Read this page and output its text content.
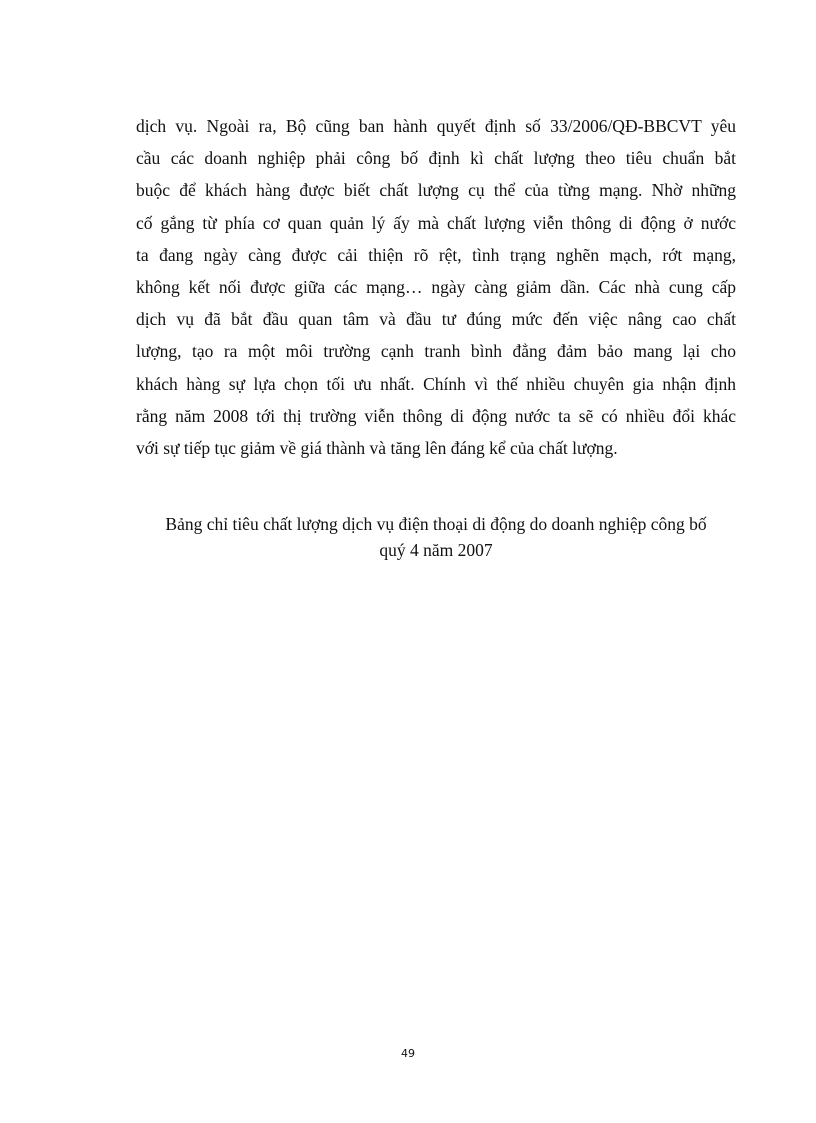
dịch vụ. Ngoài ra, Bộ cũng ban hành quyết định số 33/2006/QĐ-BBCVT yêu
cầu các doanh nghiệp phải công bố định kì chất lượng theo tiêu chuẩn bắt
buộc để khách hàng được biết chất lượng cụ thể của từng mạng. Nhờ những
cố gắng từ phía cơ quan quản lý ấy mà chất lượng viễn thông di động ở nước
ta đang ngày càng được cải thiện rõ rệt, tình trạng nghẽn mạch, rớt mạng,
không kết nối được giữa các mạng… ngày càng giảm dần. Các nhà cung cấp
dịch vụ đã bắt đầu quan tâm và đầu tư đúng mức đến việc nâng cao chất
lượng, tạo ra một môi trường cạnh tranh bình đẳng đảm bảo mang lại cho
khách hàng sự lựa chọn tối ưu nhất. Chính vì thế nhiều chuyên gia nhận định
rằng năm 2008 tới thị trường viễn thông di động nước ta sẽ có nhiều đổi khác
với sự tiếp tục giảm về giá thành và tăng lên đáng kể của chất lượng.

Bảng chỉ tiêu chất lượng dịch vụ điện thoại di động do doanh nghiệp công bố
quý 4 năm 2007

49
